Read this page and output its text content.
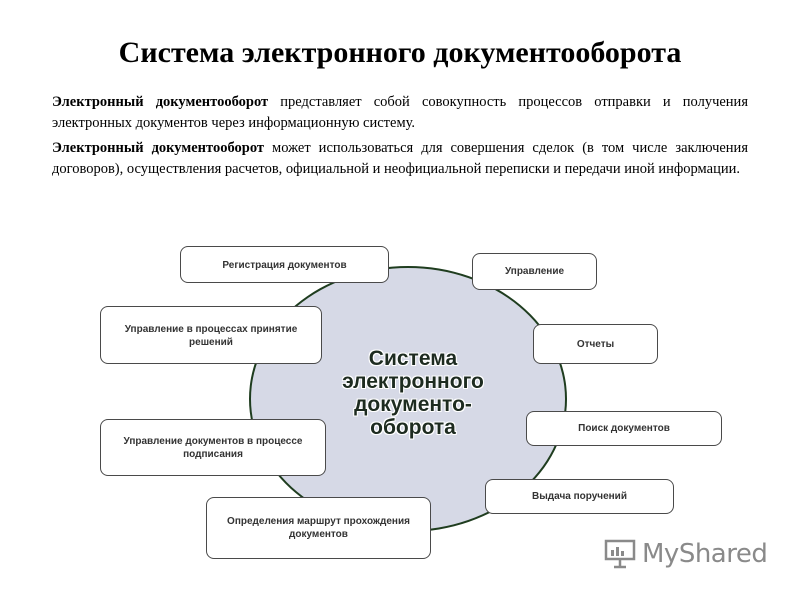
Система электронного документооборота
Электронный документооборот представляет собой совокупность процессов отправки и получения электронных документов через информационную систему.
Электронный документооборот может использоваться для совершения сделок (в том числе заключения договоров), осуществления расчетов, официальной и неофициальной переписки и передачи иной информации.
Система
электронного
документо-
оборота
Регистрация документов
Управление
Управление в процессах принятие решений	Отчеты
Управление документов в процессе подписания
Поиск документов
Выдача поручений
Определения маршрут прохождения документов
MyShared
